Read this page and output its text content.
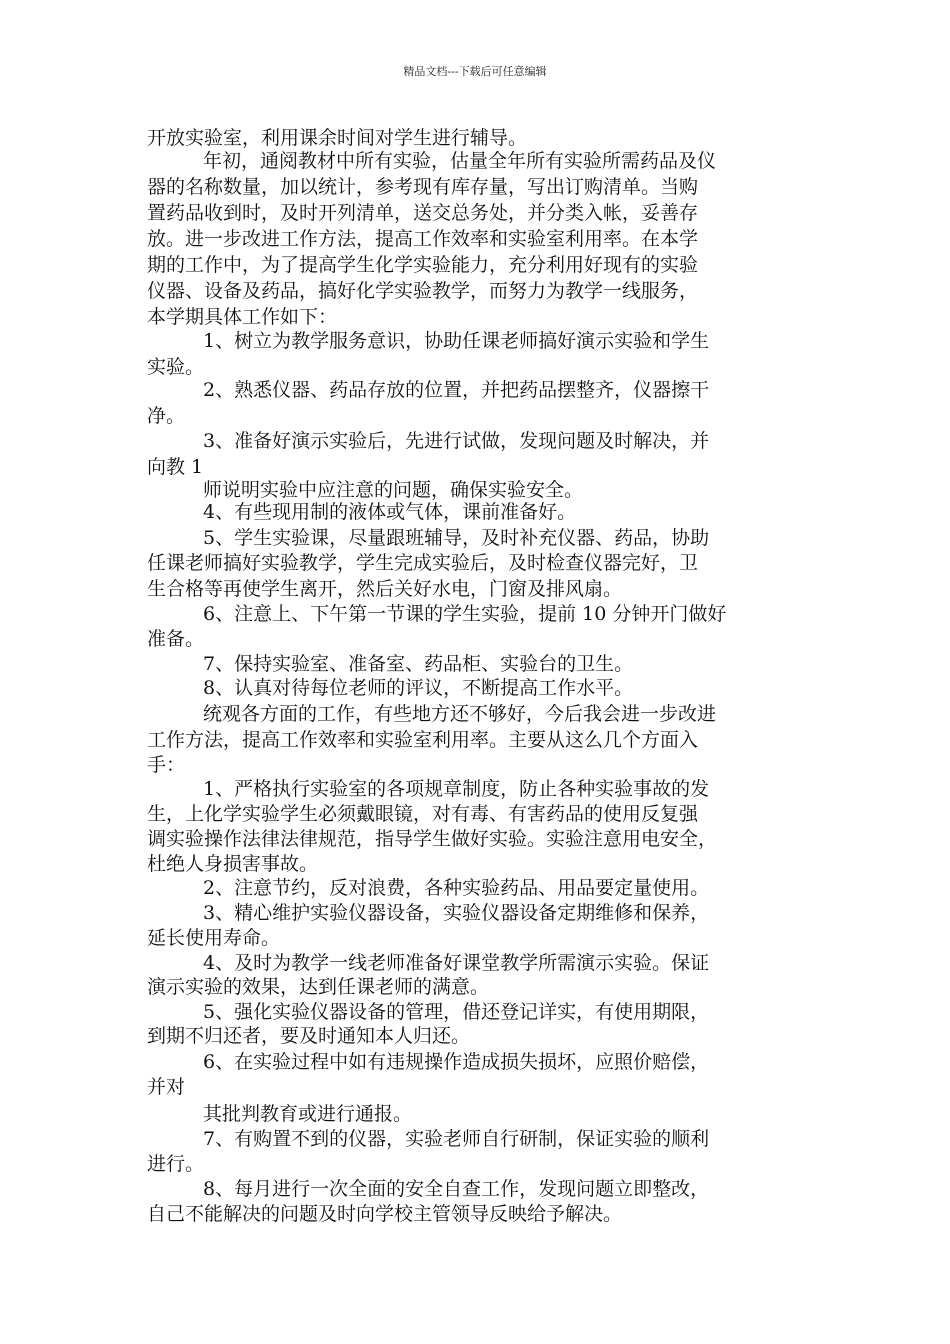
精品文档---下载后可任意编辑
开放实验室，利用课余时间对学生进行辅导。
年初，通阅教材中所有实验，估量全年所有实验所需药品及仪
器的名称数量，加以统计，参考现有库存量，写出订购清单。当购
置药品收到时，及时开列清单，送交总务处，并分类入帐，妥善存
放。进一步改进工作方法，提高工作效率和实验室利用率。在本学
期的工作中，为了提高学生化学实验能力，充分利用好现有的实验
仪器、设备及药品，搞好化学实验教学，而努力为教学一线服务，
本学期具体工作如下：
1、树立为教学服务意识，协助任课老师搞好演示实验和学生
实验。
2、熟悉仪器、药品存放的位置，并把药品摆整齐，仪器擦干
净。
3、准备好演示实验后，先进行试做，发现问题及时解决，并
向教 1
师说明实验中应注意的问题，确保实验安全。
4、有些现用制的液体或气体，课前准备好。
5、学生实验课，尽量跟班辅导，及时补充仪器、药品，协助
任课老师搞好实验教学，学生完成实验后，及时检查仪器完好，卫
生合格等再使学生离开，然后关好水电，门窗及排风扇。
6、注意上、下午第一节课的学生实验，提前 10 分钟开门做好
准备。
7、保持实验室、准备室、药品柜、实验台的卫生。
8、认真对待每位老师的评议，不断提高工作水平。
统观各方面的工作，有些地方还不够好，今后我会进一步改进
工作方法，提高工作效率和实验室利用率。主要从这么几个方面入
手：
1、严格执行实验室的各项规章制度，防止各种实验事故的发
生，上化学实验学生必须戴眼镜，对有毒、有害药品的使用反复强
调实验操作法律法律规范，指导学生做好实验。实验注意用电安全，
杜绝人身损害事故。
2、注意节约，反对浪费，各种实验药品、用品要定量使用。
3、精心维护实验仪器设备，实验仪器设备定期维修和保养，
延长使用寿命。
4、及时为教学一线老师准备好课堂教学所需演示实验。保证
演示实验的效果，达到任课老师的满意。
5、强化实验仪器设备的管理，借还登记详实，有使用期限，
到期不归还者，要及时通知本人归还。
6、在实验过程中如有违规操作造成损失损坏，应照价赔偿，
并对
其批判教育或进行通报。
7、有购置不到的仪器，实验老师自行研制，保证实验的顺利
进行。
8、每月进行一次全面的安全自查工作，发现问题立即整改，
自己不能解决的问题及时向学校主管领导反映给予解决。
